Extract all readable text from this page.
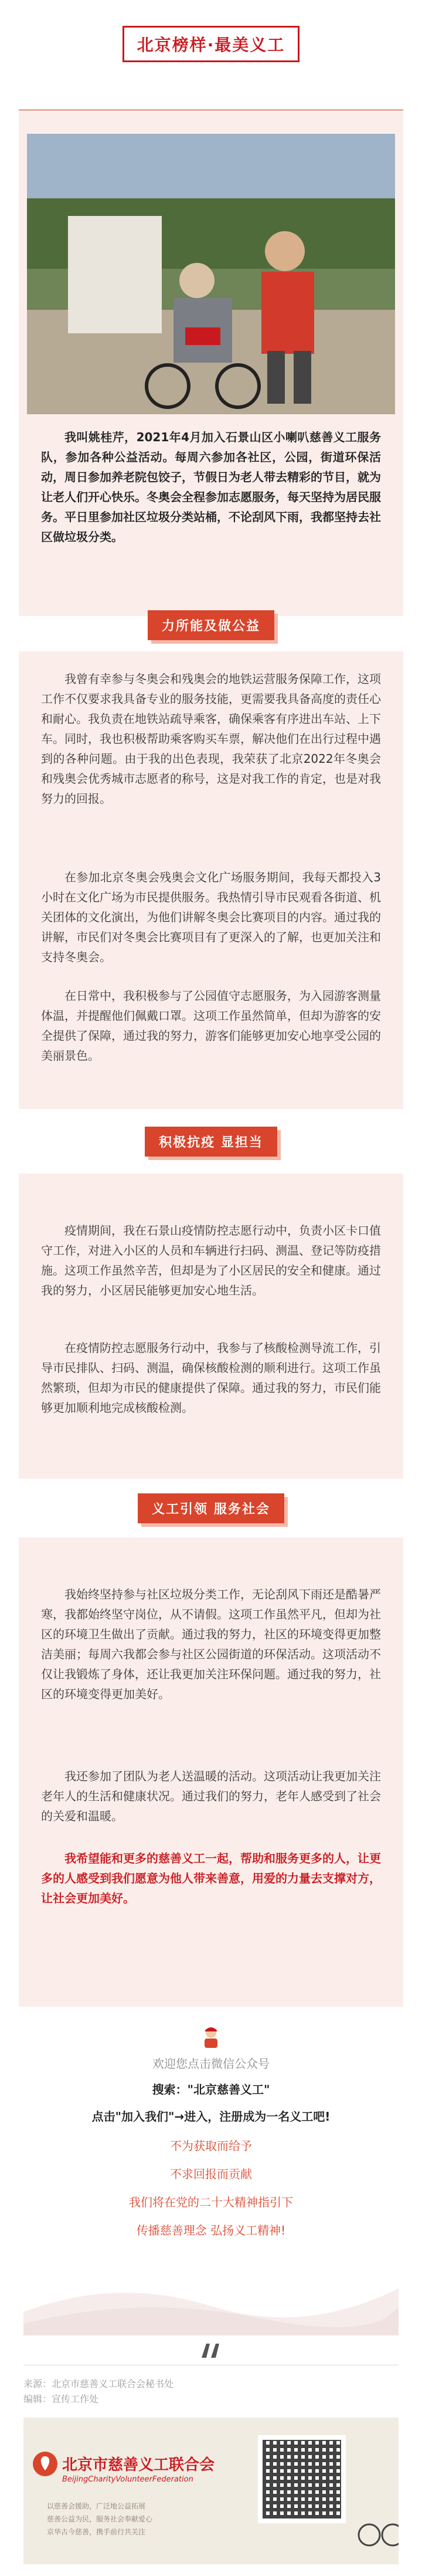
北京榜样·最美义工
我叫姚桂芹，2021年4月加入石景山区小喇叭慈善义工服务队，参加各种公益活动。每周六参加各社区，公园，街道环保活动，周日参加养老院包饺子，节假日为老人带去精彩的节目，就为让老人们开心快乐。冬奥会全程参加志愿服务，每天坚持为居民服务。平日里参加社区垃圾分类站桶，不论刮风下雨，我都坚持去社区做垃圾分类。
力所能及做公益
我曾有幸参与冬奥会和残奥会的地铁运营服务保障工作，这项工作不仅要求我具备专业的服务技能，更需要我具备高度的责任心和耐心。我负责在地铁站疏导乘客，确保乘客有序进出车站、上下车。同时，我也积极帮助乘客购买车票，解决他们在出行过程中遇到的各种问题。由于我的出色表现，我荣获了北京2022年冬奥会和残奥会优秀城市志愿者的称号，这是对我工作的肯定，也是对我努力的回报。
在参加北京冬奥会残奥会文化广场服务期间，我每天都投入3小时在文化广场为市民提供服务。我热情引导市民观看各街道、机关团体的文化演出，为他们讲解冬奥会比赛项目的内容。通过我的讲解，市民们对冬奥会比赛项目有了更深入的了解，也更加关注和支持冬奥会。
在日常中，我积极参与了公园值守志愿服务，为入园游客测量体温，并提醒他们佩戴口罩。这项工作虽然简单，但却为游客的安全提供了保障，通过我的努力，游客们能够更加安心地享受公园的美丽景色。
积极抗疫 显担当
疫情期间，我在石景山疫情防控志愿行动中，负责小区卡口值守工作，对进入小区的人员和车辆进行扫码、测温、登记等防疫措施。这项工作虽然辛苦，但却是为了小区居民的安全和健康。通过我的努力，小区居民能够更加安心地生活。
在疫情防控志愿服务行动中，我参与了核酸检测导流工作，引导市民排队、扫码、测温，确保核酸检测的顺利进行。这项工作虽然繁琐，但却为市民的健康提供了保障。通过我的努力，市民们能够更加顺利地完成核酸检测。
义工引领 服务社会
我始终坚持参与社区垃圾分类工作，无论刮风下雨还是酷暑严寒，我都始终坚守岗位，从不请假。这项工作虽然平凡，但却为社区的环境卫生做出了贡献。通过我的努力，社区的环境变得更加整洁美丽；每周六我都会参与社区公园街道的环保活动。这项活动不仅让我锻炼了身体，还让我更加关注环保问题。通过我的努力，社区的环境变得更加美好。
我还参加了团队为老人送温暖的活动。这项活动让我更加关注老年人的生活和健康状况。通过我们的努力，老年人感受到了社会的关爱和温暖。
我希望能和更多的慈善义工一起，帮助和服务更多的人，让更多的人感受到我们愿意为他人带来善意，用爱的力量去支撑对方，让社会更加美好。
欢迎您点击微信公众号
搜索："北京慈善义工"
点击"加入我们"→进入，注册成为一名义工吧!
不为获取而给予
不求回报而贡献
我们将在党的二十大精神指引下
传播慈善理念 弘扬义工精神!
来源：北京市慈善义工联合会秘书处
编辑：宣传工作处
北京市慈善义工联合会
BeijingCharityVolunteerFederation
以慈善会援助，广泛地公益拓展
慈善公益为民，服务社会奉献爱心
京华古今慈善，携手前行共关注
